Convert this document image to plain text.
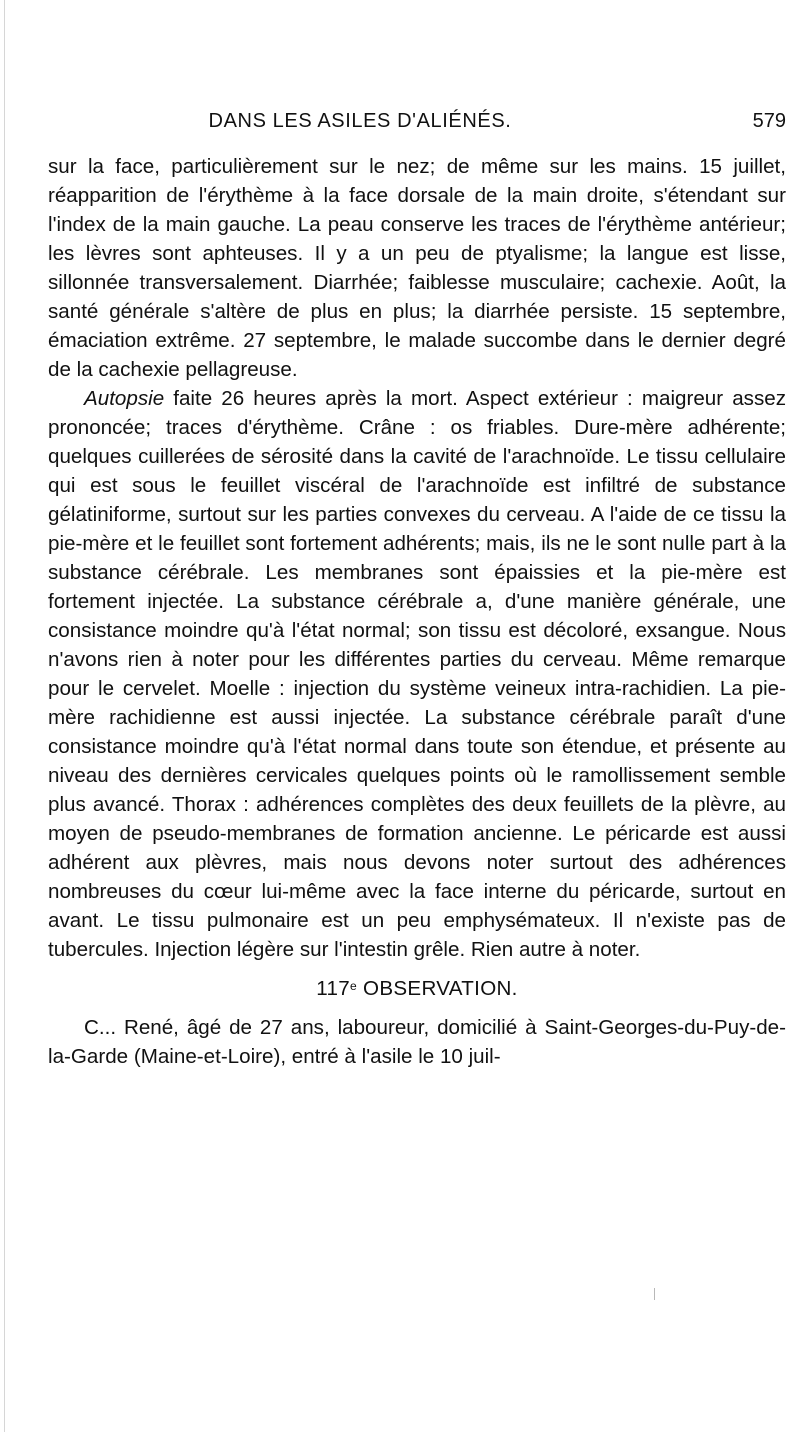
DANS LES ASILES D'ALIÉNÉS.	579

sur la face, particulièrement sur le nez; de même sur les mains. 15 juillet, réapparition de l'érythème à la face dorsale de la main droite, s'étendant sur l'index de la main gauche. La peau conserve les traces de l'érythème antérieur; les lèvres sont aphteuses. Il y a un peu de ptyalisme; la langue est lisse, sillonnée transversalement. Diarrhée; faiblesse musculaire; cachexie. Août, la santé générale s'altère de plus en plus; la diarrhée persiste. 15 septembre, émaciation extrême. 27 septembre, le malade succombe dans le dernier degré de la cachexie pellagreuse.

Autopsie faite 26 heures après la mort. Aspect extérieur : maigreur assez prononcée; traces d'érythème. Crâne : os friables. Dure-mère adhérente; quelques cuillerées de sérosité dans la cavité de l'arachnoïde. Le tissu cellulaire qui est sous le feuillet viscéral de l'arachnoïde est infiltré de substance gélatiniforme, surtout sur les parties convexes du cerveau. A l'aide de ce tissu la pie-mère et le feuillet sont fortement adhérents; mais, ils ne le sont nulle part à la substance cérébrale. Les membranes sont épaissies et la pie-mère est fortement injectée. La substance cérébrale a, d'une manière générale, une consistance moindre qu'à l'état normal; son tissu est décoloré, exsangue. Nous n'avons rien à noter pour les différentes parties du cerveau. Même remarque pour le cervelet. Moelle : injection du système veineux intra-rachidien. La pie-mère rachidienne est aussi injectée. La substance cérébrale paraît d'une consistance moindre qu'à l'état normal dans toute son étendue, et présente au niveau des dernières cervicales quelques points où le ramollissement semble plus avancé. Thorax : adhérences complètes des deux feuillets de la plèvre, au moyen de pseudo-membranes de formation ancienne. Le péricarde est aussi adhérent aux plèvres, mais nous devons noter surtout des adhérences nombreuses du cœur lui-même avec la face interne du péricarde, surtout en avant. Le tissu pulmonaire est un peu emphysémateux. Il n'existe pas de tubercules. Injection légère sur l'intestin grêle. Rien autre à noter.

117e OBSERVATION.

C... René, âgé de 27 ans, laboureur, domicilié à Saint-Georges-du-Puy-de-la-Garde (Maine-et-Loire), entré à l'asile le 10 juil-
